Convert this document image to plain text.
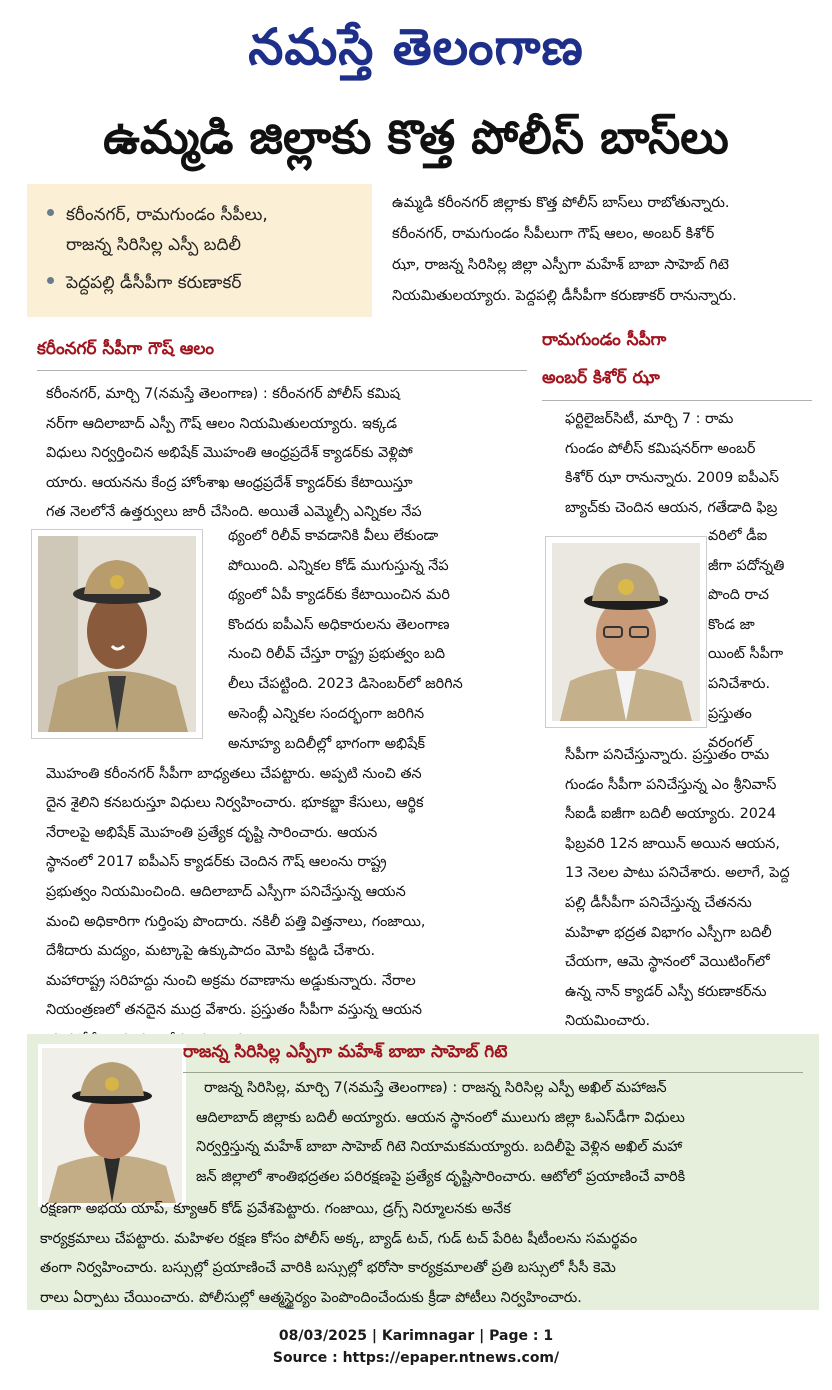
నమస్తే తెలంగాణ
ఉమ్మడి జిల్లాకు కొత్త పోలీస్ బాస్‌లు
కరీంనగర్, రామగుండం సీపీలు,
రాజన్న సిరిసిల్ల ఎస్పీ బదిలీ
పెద్దపల్లి డీసీపీగా కరుణాకర్

ఉమ్మడి కరీంనగర్ జిల్లాకు కొత్త పోలీస్ బాస్‌లు రాబోతున్నారు.

కరీంనగర్, రామగుండం సీపీలుగా గౌష్ ఆలం, అంబర్ కిశోర్

ఝా, రాజన్న సిరిసిల్ల జిల్లా ఎస్పీగా మహేశ్ బాబా సాహెబ్ గిటె

నియమితులయ్యారు. పెద్దపల్లి డీసీపీగా కరుణాకర్ రానున్నారు.

కరీంనగర్ సీపీగా గౌష్ ఆలం
కరీంనగర్, మార్చి 7(నమస్తే తెలంగాణ) : కరీంనగర్ పోలీస్ కమిష
నర్‌గా ఆదిలాబాద్ ఎస్పీ గౌష్ ఆలం నియమితులయ్యారు. ఇక్కడ
విధులు నిర్వర్తించిన అభిషేక్ మొహంతి ఆంధ్రప్రదేశ్ క్యాడర్‌కు వెళ్లిపో
యారు. ఆయనను కేంద్ర హోంశాఖ ఆంధ్రప్రదేశ్ క్యాడర్‌కు కేటాయిస్తూ
గత నెలలోనే ఉత్తర్వులు జారీ చేసింది. అయితే ఎమ్మెల్సీ ఎన్నికల నేప
థ్యంలో రిలీవ్ కావడానికి వీలు లేకుండా
పోయింది. ఎన్నికల కోడ్ ముగుస్తున్న నేప
థ్యంలో ఏపీ క్యాడర్‌కు కేటాయించిన మరి
కొందరు ఐపీఎస్ అధికారులను తెలంగాణ
నుంచి రిలీవ్ చేస్తూ రాష్ట్ర ప్రభుత్వం బది
లీలు చేపట్టింది. 2023 డిసెంబర్‌లో జరిగిన
అసెంబ్లీ ఎన్నికల సందర్భంగా జరిగిన
అనూహ్య బదిలీల్లో భాగంగా అభిషేక్
మొహంతి కరీంనగర్ సీపీగా బాధ్యతలు చేపట్టారు. అప్పటి నుంచి తన
దైన శైలిని కనబరుస్తూ విధులు నిర్వహించారు. భూకబ్జా కేసులు, ఆర్థిక
నేరాలపై అభిషేక్ మొహంతి ప్రత్యేక దృష్టి సారించారు. ఆయన
స్థానంలో 2017 ఐపీఎస్ క్యాడర్‌కు చెందిన గౌష్ ఆలంను రాష్ట్ర
ప్రభుత్వం నియమించింది. ఆదిలాబాద్ ఎస్పీగా పనిచేస్తున్న ఆయన
మంచి అధికారిగా గుర్తింపు పొందారు. నకిలీ పత్తి విత్తనాలు, గంజాయి,
దేశీదారు మద్యం, మట్కాపై ఉక్కుపాదం మోపి కట్టడి చేశారు.
మహారాష్ట్ర సరిహద్దు నుంచి అక్రమ రవాణాను అడ్డుకున్నారు. నేరాల
నియంత్రణలో తనదైన ముద్ర వేశారు. ప్రస్తుతం సీపీగా వస్తున్న ఆయన
రామగుండం సీపీగా
అంబర్ కిశోర్ ఝా
ఫర్టిలైజర్‌సిటీ, మార్చి 7 : రామ
గుండం పోలీస్ కమిషనర్‌గా అంబర్
కిశోర్ ఝా రానున్నారు. 2009 ఐపీఎస్
బ్యాచ్‌కు చెందిన ఆయన, గతేడాది ఫిబ్ర
వరిలో డీఐ
జీగా పదోన్నతి
పొంది రాచ
కొండ జా
యింట్ సీపీగా
పనిచేశారు.
ప్రస్తుతం
వరంగల్
సీపీగా పనిచేస్తున్నారు. ప్రస్తుతం రామ
గుండం సీపీగా పనిచేస్తున్న ఎం శ్రీనివాస్
సీఐడీ ఐజీగా బదిలీ అయ్యారు. 2024
ఫిబ్రవరి 12న జాయిన్ అయిన ఆయన,
13 నెలల పాటు పనిచేశారు. అలాగే, పెద్ద
పల్లి డీసీపీగా పనిచేస్తున్న చేతనను
మహిళా భద్రత విభాగం ఎస్పీగా బదిలీ
చేయగా, ఆమె స్థానంలో వెయిటింగ్‌లో
ఉన్న నాన్ క్యాడర్ ఎస్పీ కరుణాకర్‌ను
నియమించారు.
రాజన్న సిరిసిల్ల ఎస్పీగా మహేశ్ బాబా సాహెబ్ గిటె
రాజన్న సిరిసిల్ల, మార్చి 7(నమస్తే తెలంగాణ) : రాజన్న సిరిసిల్ల ఎస్పీ అఖిల్ మహాజన్
ఆదిలాబాద్ జిల్లాకు బదిలీ అయ్యారు. ఆయన స్థానంలో ములుగు జిల్లా ఓఎస్‌డీగా విధులు
నిర్వర్తిస్తున్న మహేశ్ బాబా సాహెబ్ గిటె నియామకమయ్యారు. బదిలీపై వెళ్లిన అఖిల్ మహా
జన్ జిల్లాలో శాంతిభద్రతల పరిరక్షణపై ప్రత్యేక దృష్టిసారించారు. ఆటోలో ప్రయాణించే వారికి
రక్షణగా అభయ యాప్, క్యూఆర్ కోడ్ ప్రవేశపెట్టారు. గంజాయి, డ్రగ్స్ నిర్మూలనకు అనేక
కార్యక్రమాలు చేపట్టారు. మహిళల రక్షణ కోసం పోలీస్ అక్క, బ్యాడ్ టచ్, గుడ్ టచ్ పేరిట షీటీంలను సమర్థవం
తంగా నిర్వహించారు. బస్సుల్లో ప్రయాణించే వారికి బస్సుల్లో భరోసా కార్యక్రమాలతో ప్రతి బస్సులో సీసీ కెమె
రాలు ఏర్పాటు చేయించారు. పోలీసుల్లో ఆత్మస్థైర్యం పెంపొందించేందుకు క్రీడా పోటీలు నిర్వహించారు.
08/03/2025 | Karimnagar | Page : 1
Source : https://epaper.ntnews.com/
